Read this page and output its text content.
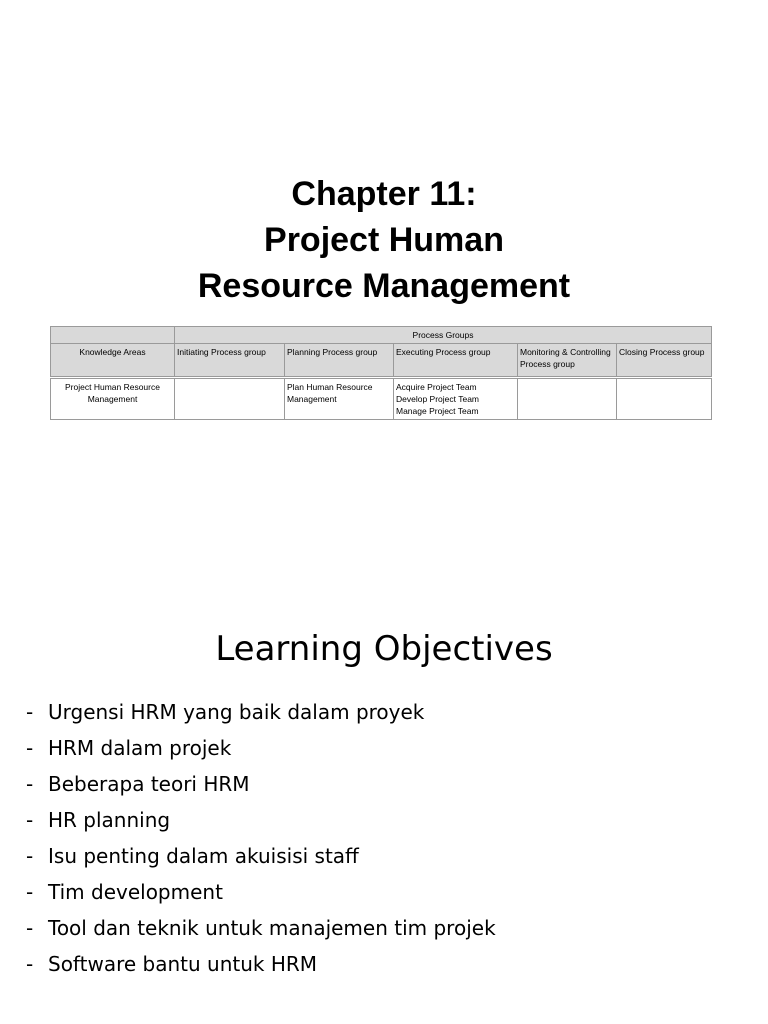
Chapter 11:
Project Human
Resource Management
	Process Groups				
Knowledge Areas	Initiating Process group	Planning Process group	Executing Process group	Monitoring & Controlling Process group	Closing Process group

Project Human Resource Management		Plan Human Resource Management	Acquire Project Team
Develop Project Team
Manage Project Team		

Learning Objectives
- Urgensi HRM yang baik dalam proyek
- HRM dalam projek
- Beberapa teori HRM
- HR planning
- Isu penting dalam akuisisi staff
- Tim development
- Tool dan teknik untuk manajemen tim projek
- Software bantu untuk HRM
